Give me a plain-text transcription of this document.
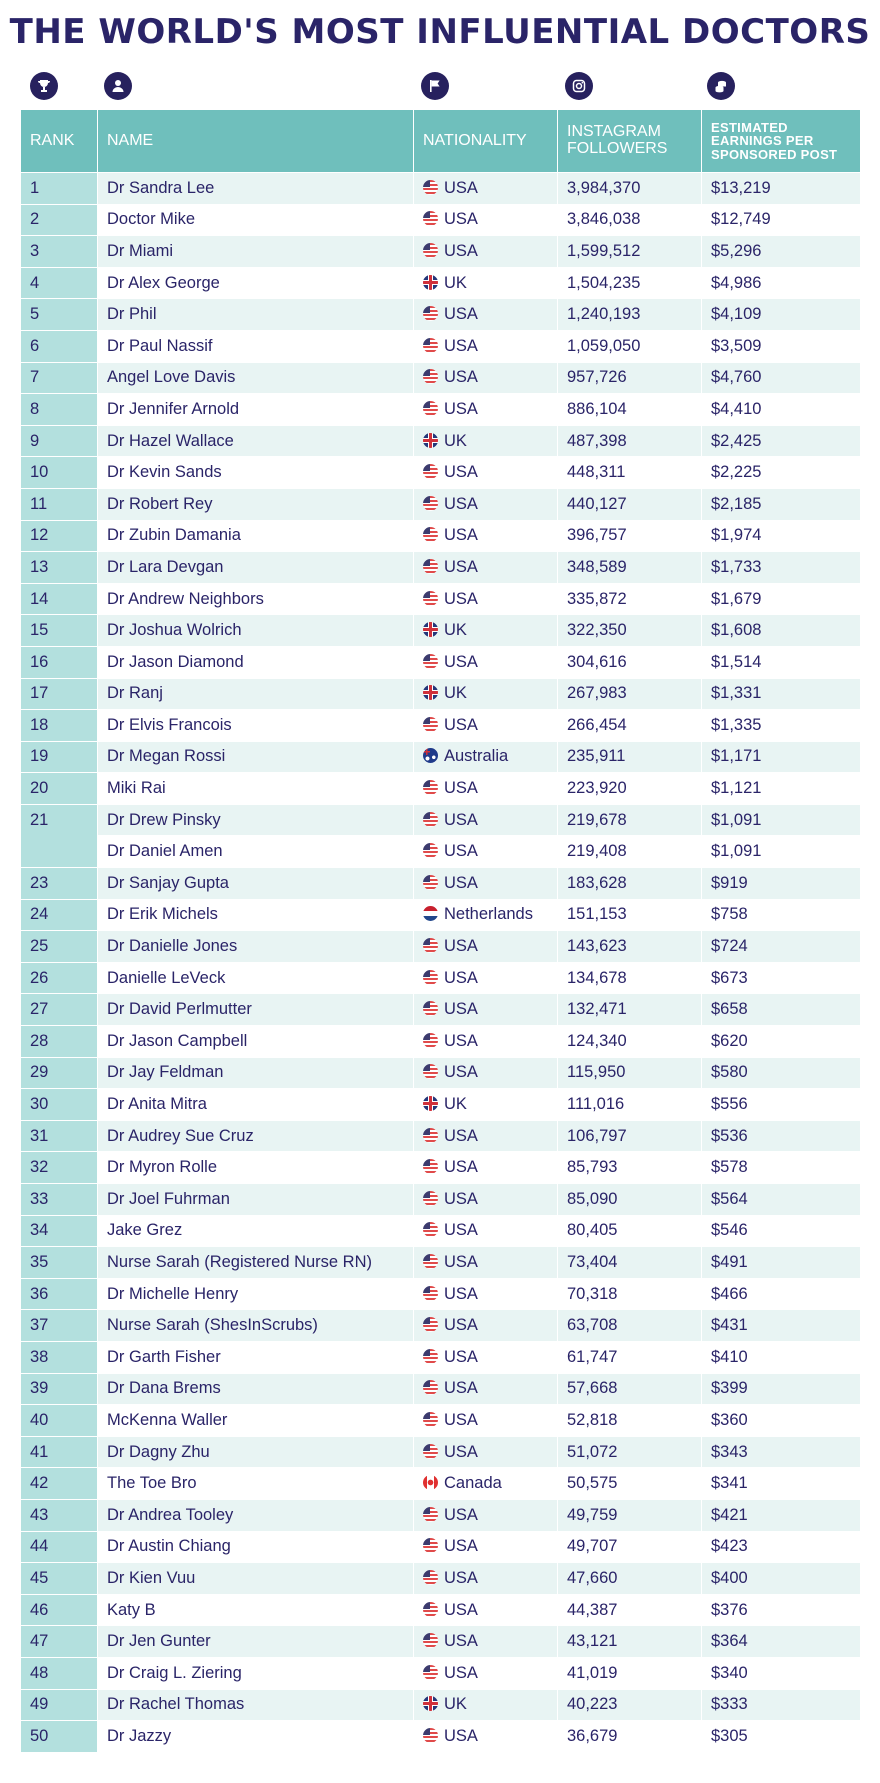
THE WORLD'S MOST INFLUENTIAL DOCTORS
RANK	NAME	NATIONALITY	INSTAGRAM FOLLOWERS	ESTIMATED EARNINGS PER SPONSORED POST
1	Dr Sandra Lee	USA	3,984,370	$13,219
2	Doctor Mike	USA	3,846,038	$12,749
3	Dr Miami	USA	1,599,512	$5,296
4	Dr Alex George	UK	1,504,235	$4,986
5	Dr Phil	USA	1,240,193	$4,109
6	Dr Paul Nassif	USA	1,059,050	$3,509
7	Angel Love Davis	USA	957,726	$4,760
8	Dr Jennifer Arnold	USA	886,104	$4,410
9	Dr Hazel Wallace	UK	487,398	$2,425
10	Dr Kevin Sands	USA	448,311	$2,225
11	Dr Robert Rey	USA	440,127	$2,185
12	Dr Zubin Damania	USA	396,757	$1,974
13	Dr Lara Devgan	USA	348,589	$1,733
14	Dr Andrew Neighbors	USA	335,872	$1,679
15	Dr Joshua Wolrich	UK	322,350	$1,608
16	Dr Jason Diamond	USA	304,616	$1,514
17	Dr Ranj	UK	267,983	$1,331
18	Dr Elvis Francois	USA	266,454	$1,335
19	Dr Megan Rossi	Australia	235,911	$1,171
20	Miki Rai	USA	223,920	$1,121
21	Dr Drew Pinsky	USA	219,678	$1,091
	Dr Daniel Amen	USA	219,408	$1,091
23	Dr Sanjay Gupta	USA	183,628	$919
24	Dr Erik Michels	Netherlands	151,153	$758
25	Dr Danielle Jones	USA	143,623	$724
26	Danielle LeVeck	USA	134,678	$673
27	Dr David Perlmutter	USA	132,471	$658
28	Dr Jason Campbell	USA	124,340	$620
29	Dr Jay Feldman	USA	115,950	$580
30	Dr Anita Mitra	UK	111,016	$556
31	Dr Audrey Sue Cruz	USA	106,797	$536
32	Dr Myron Rolle	USA	85,793	$578
33	Dr Joel Fuhrman	USA	85,090	$564
34	Jake Grez	USA	80,405	$546
35	Nurse Sarah (Registered Nurse RN)	USA	73,404	$491
36	Dr Michelle Henry	USA	70,318	$466
37	Nurse Sarah (ShesInScrubs)	USA	63,708	$431
38	Dr Garth Fisher	USA	61,747	$410
39	Dr Dana Brems	USA	57,668	$399
40	McKenna Waller	USA	52,818	$360
41	Dr Dagny Zhu	USA	51,072	$343
42	The Toe Bro	Canada	50,575	$341
43	Dr Andrea Tooley	USA	49,759	$421
44	Dr Austin Chiang	USA	49,707	$423
45	Dr Kien Vuu	USA	47,660	$400
46	Katy B	USA	44,387	$376
47	Dr Jen Gunter	USA	43,121	$364
48	Dr Craig L. Ziering	USA	41,019	$340
49	Dr Rachel Thomas	UK	40,223	$333
50	Dr Jazzy	USA	36,679	$305
